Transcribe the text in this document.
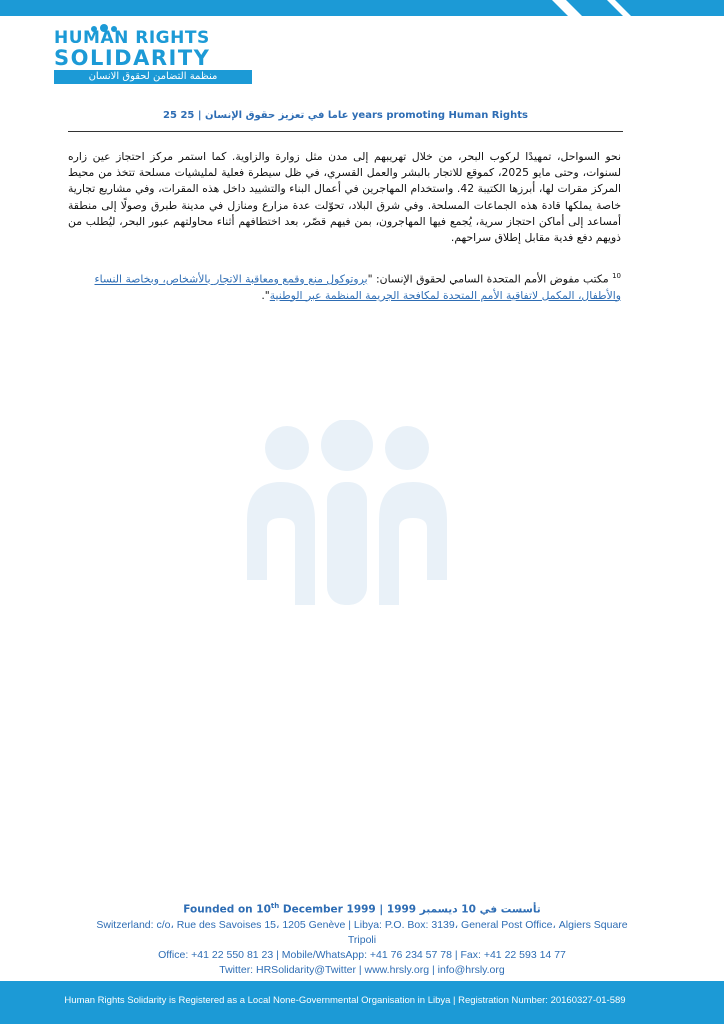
HUMAN RIGHTS
SOLIDARITY
منظمة التضامن لحقوق الانسان
25 عاما في تعزيز حقوق الإنسان | 25 years promoting Human Rights

نحو السواحل، تمهيدًا لركوب البحر، من خلال تهريبهم إلى مدن مثل زوارة والزاوية. كما استمر مركز احتجاز عين زاره لسنوات، وحتى مايو 2025، كموقع للاتجار بالبشر والعمل القسري، في ظل سيطرة فعلية لمليشيات مسلحة تتخذ من محيط المركز مقرات لها، أبرزها الكتيبة 42. واستخدام المهاجرين في أعمال البناء والتشييد داخل هذه المقرات، وفي مشاريع تجارية خاصة يملكها قادة هذه الجماعات المسلحة. وفي شرق البلاد، تحوّلت عدة مزارع ومنازل في مدينة طبرق وصولًا إلى منطقة أمساعد إلى أماكن احتجاز سرية، يُجمع فيها المهاجرون، بمن فيهم قصّر، بعد اختطافهم أثناء محاولتهم عبور البحر، ليُطلب من ذويهم دفع فدية مقابل إطلاق سراحهم.

$^{10}$ مكتب مفوض الأمم المتحدة السامي لحقوق الإنسان: "بروتوكول منع وقمع ومعاقبة الاتجار بالأشخاص، وبخاصة النساء والأطفال، المكمل لاتفاقية الأمم المتحدة لمكافحة الجريمة المنظمة عبر الوطنية".

Founded on 10th December 1999 | 1999 تأسست في 10 ديسمبر
Switzerland: c/o، Rue des Savoises 15، 1205 Genève | Libya: P.O. Box: 3139، General Post Office، Algiers Square
Tripoli
Office: +41 22 550 81 23 | Mobile/WhatsApp: +41 76 234 57 78 | Fax: +41 22 593 14 77
Twitter: HRSolidarity@Twitter | www.hrsly.org | info@hrsly.org
Human Rights Solidarity is Registered as a Local None-Governmental Organisation in Libya | Registration Number: 20160327-01-589
